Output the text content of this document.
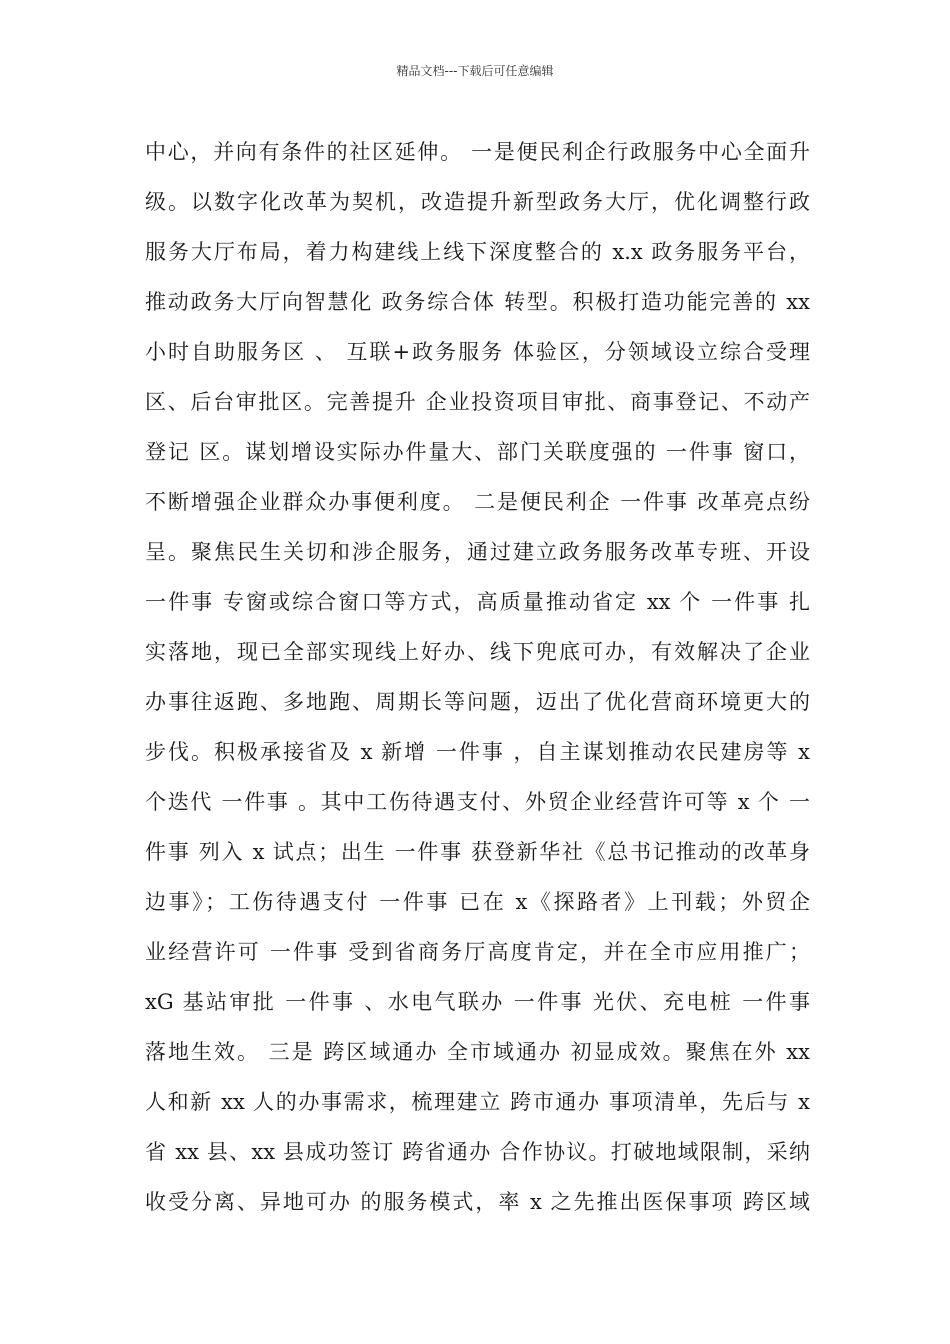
精品文档---下载后可任意编辑
中心，并向有条件的社区延伸。 一是便民利企行政服务中心全面升
级。以数字化改革为契机，改造提升新型政务大厅，优化调整行政
服务大厅布局，着力构建线上线下深度整合的 x.x 政务服务平台，
推动政务大厅向智慧化 政务综合体 转型。积极打造功能完善的 xx
小时自助服务区 、 互联+政务服务 体验区，分领域设立综合受理
区、后台审批区。完善提升 企业投资项目审批、商事登记、不动产
登记 区。谋划增设实际办件量大、部门关联度强的 一件事 窗口，
不断增强企业群众办事便利度。 二是便民利企 一件事 改革亮点纷
呈。聚焦民生关切和涉企服务，通过建立政务服务改革专班、开设
一件事 专窗或综合窗口等方式，高质量推动省定 xx 个 一件事 扎
实落地，现已全部实现线上好办、线下兜底可办，有效解决了企业
办事往返跑、多地跑、周期长等问题，迈出了优化营商环境更大的
步伐。积极承接省及 x 新增 一件事 ，自主谋划推动农民建房等 x
个迭代 一件事 。其中工伤待遇支付、外贸企业经营许可等 x 个 一
件事 列入 x 试点；出生 一件事 获登新华社《总书记推动的改革身
边事》；工伤待遇支付 一件事 已在 x《探路者》上刊载；外贸企
业经营许可 一件事 受到省商务厅高度肯定，并在全市应用推广；
xG 基站审批 一件事 、水电气联办 一件事 光伏、充电桩 一件事
落地生效。 三是 跨区域通办 全市域通办 初显成效。聚焦在外 xx
人和新 xx 人的办事需求，梳理建立 跨市通办 事项清单，先后与 x
省 xx 县、xx 县成功签订 跨省通办 合作协议。打破地域限制，采纳
收受分离、异地可办 的服务模式，率 x 之先推出医保事项 跨区域
